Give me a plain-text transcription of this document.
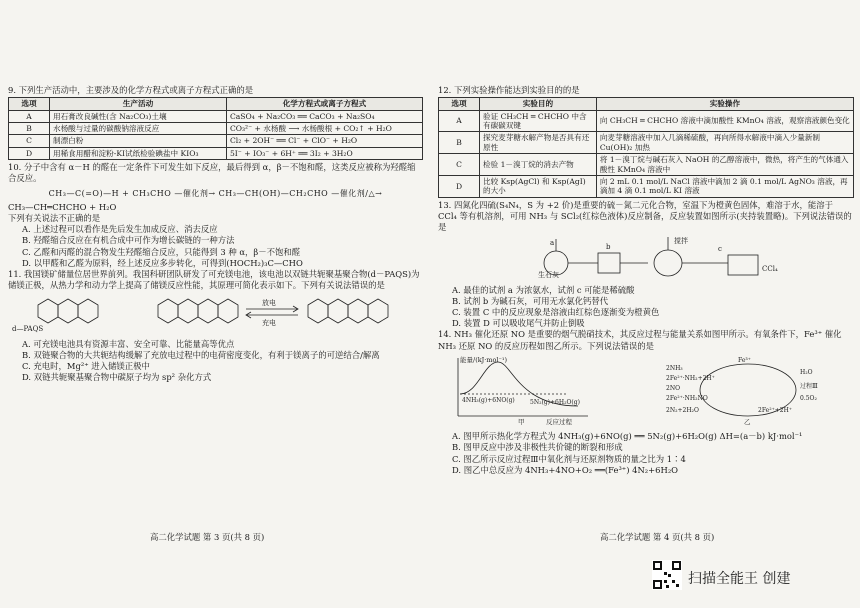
9. 下列生产活动中，主要涉及的化学方程式或离子方程式正确的是

选项	生产活动	化学方程式或离子方程式
A	用石膏改良碱性(含 Na₂CO₃)土壤	CaSO₄ + Na₂CO₃ ══ CaCO₃ + Na₂SO₄
B	水杨酸与过量的碳酸钠溶液反应	CO₃²⁻ + 水杨酸 ⟶ 水杨酸根 + CO₂↑ + H₂O
C	制漂白粉	Cl₂ + 2OH⁻ ══ Cl⁻ + ClO⁻ + H₂O
D	用稀食用醋和淀粉-KI试纸检验碘盐中 KIO₃	5I⁻ + IO₃⁻ + 6H⁺ ══ 3I₂ + 3H₂O

10. 分子中含有 α－H 的醛在一定条件下可发生如下反应，最后得到 α，β－不饱和醛，这类反应被称为羟醛缩合反应。

CH₃—C(=O)—H + CH₃CHO —催化剂→ CH₃—CH(OH)—CH₂CHO —催化剂/△→

CH₃—CH═CHCHO + H₂O

下列有关说法不正确的是

A. 上述过程可以看作是先后发生加成反应、消去反应

B. 羟醛缩合反应在有机合成中可作为增长碳链的一种方法

C. 乙醛和丙醛的混合物发生羟醛缩合反应，只能得到 3 种 α，β－不饱和醛

D. 以甲醛和乙醛为原料，经上述反应多步转化，可得到(HOCH₂)₃C—CHO

11. 我国镁矿储量位居世界前列。我国科研团队研发了可充镁电池，该电池以双链共轭聚基聚合物(d－PAQS)为储镁正极，从热力学和动力学上提高了储镁反应性能，其原理可简化表示如下。下列有关说法错误的是

d—PAQS
放电
充电

A. 可充镁电池具有资源丰富、安全可靠、比能量高等优点

B. 双链聚合物的大共轭结构缓解了充放电过程中的电荷密度变化，有利于镁离子的可逆结合/解离

C. 充电时，Mg²⁺ 进入储镁正极中

D. 双链共轭聚基聚合物中碳原子均为 sp² 杂化方式

12. 下列实验操作能达到实验目的的是

选项	实验目的	实验操作
A	验证 CH₃CH ═ CHCHO 中含有碳碳双键	向 CH₃CH ═ CHCHO 溶液中滴加酸性 KMnO₄ 溶液，观察溶液颜色变化
B	探究麦芽糖水解产物是否具有还原性	向麦芽糖溶液中加入几滴稀硫酸，再向所得水解液中滴入少量新制 Cu(OH)₂ 加热
C	检验 1－溴丁烷的消去产物	将 1－溴丁烷与碱石灰入 NaOH 的乙醇溶液中，微热，将产生的气体通入酸性 KMnO₄ 溶液中
D	比较 Ksp(AgCl) 和 Ksp(AgI) 的大小	向 2 mL 0.1 mol/L NaCl 溶液中滴加 2 滴 0.1 mol/L AgNO₃ 溶液，再滴加 4 滴 0.1 mol/L KI 溶液

13. 四氮化四硫(S₄N₄，S 为 +2 价)是重要的硫－氮二元化合物，室温下为橙黄色固体，难溶于水，能溶于 CCl₄ 等有机溶剂，可用 NH₃ 与 SCl₂(红棕色液体)反应制备，反应装置如图所示(夹持装置略)。下列说法错误的是

a
生石灰
b
搅拌
c
CCl₄

A. 最佳的试剂 a 为浓氨水，试剂 c 可能是稀硫酸

B. 试剂 b 为碱石灰，可用无水氯化钙替代

C. 装置 C 中的反应现象是溶液由红棕色逐渐变为橙黄色

D. 装置 D 可以吸收尾气并防止倒吸

14. NH₃ 催化还原 NO 是重要的烟气脱硝技术，其反应过程与能量关系如图甲所示。有氧条件下，Fe³⁺ 催化 NH₃ 还原 NO 的反应历程如图乙所示。下列说法错误的是

能量/(kJ·mol⁻¹)
反应过程
4NH₃(g)+6NO(g)	5N₂(g)+6H₂O(g)
甲	乙
Fe³⁺
2NH₃
2Fe²⁺·NH₂+2H⁺
2NO
2Fe²⁺·NH₂NO
2N₂+2H₂O	2Fe²⁺+2H⁺
H₂O
过程Ⅲ
0.5O₂

A. 图甲所示热化学方程式为 4NH₃(g)+6NO(g) ══ 5N₂(g)+6H₂O(g) ΔH=(a－b) kJ·mol⁻¹

B. 图甲反应中涉及非极性共价键的断裂和形成

C. 图乙所示反应过程Ⅲ中氧化剂与还原剂物质的量之比为 1∶4

D. 图乙中总反应为 4NH₃+4NO+O₂ ══(Fe³⁺) 4N₂+6H₂O

高二化学试题 第 3 页(共 8 页)	高二化学试题 第 4 页(共 8 页)
扫描全能王 创建
